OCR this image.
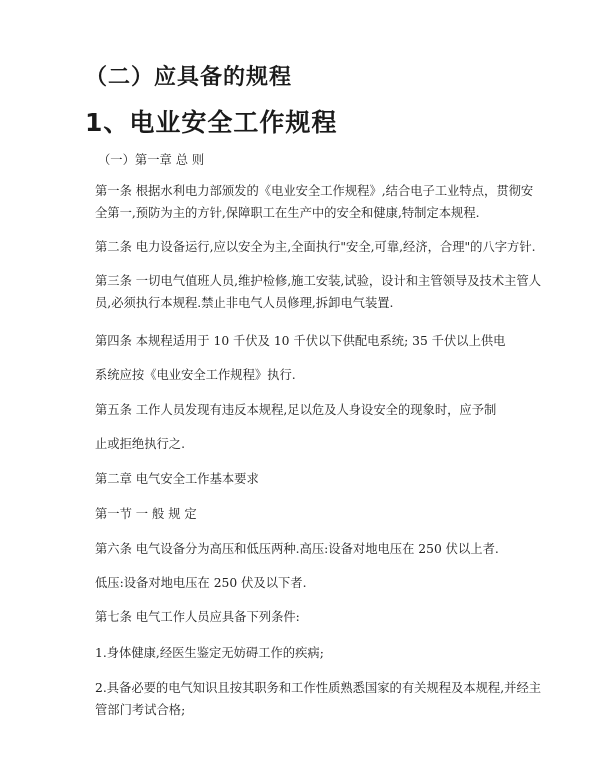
（二）应具备的规程
1、电业安全工作规程

（一）第一章 总 则

第一条 根据水利电力部颁发的《电业安全工作规程》,结合电子工业特点，贯彻安全第一,预防为主的方针,保障职工在生产中的安全和健康,特制定本规程.

第二条 电力设备运行,应以安全为主,全面执行"安全,可靠,经济，合理"的八字方针.

第三条 一切电气值班人员,维护检修,施工安装,试验，设计和主管领导及技术主管人员,必须执行本规程.禁止非电气人员修理,拆卸电气装置.

第四条 本规程适用于 10 千伏及 10 千伏以下供配电系统; 35 千伏以上供电

系统应按《电业安全工作规程》执行.

第五条 工作人员发现有违反本规程,足以危及人身设安全的现象时，应予制

止或拒绝执行之.

第二章 电气安全工作基本要求

第一节 一 般 规 定

第六条 电气设备分为高压和低压两种.高压:设备对地电压在 250 伏以上者.

低压:设备对地电压在 250 伏及以下者.

第七条 电气工作人员应具备下列条件:

1.身体健康,经医生鉴定无妨碍工作的疾病;

2.具备必要的电气知识且按其职务和工作性质熟悉国家的有关规程及本规程,并经主管部门考试合格;
